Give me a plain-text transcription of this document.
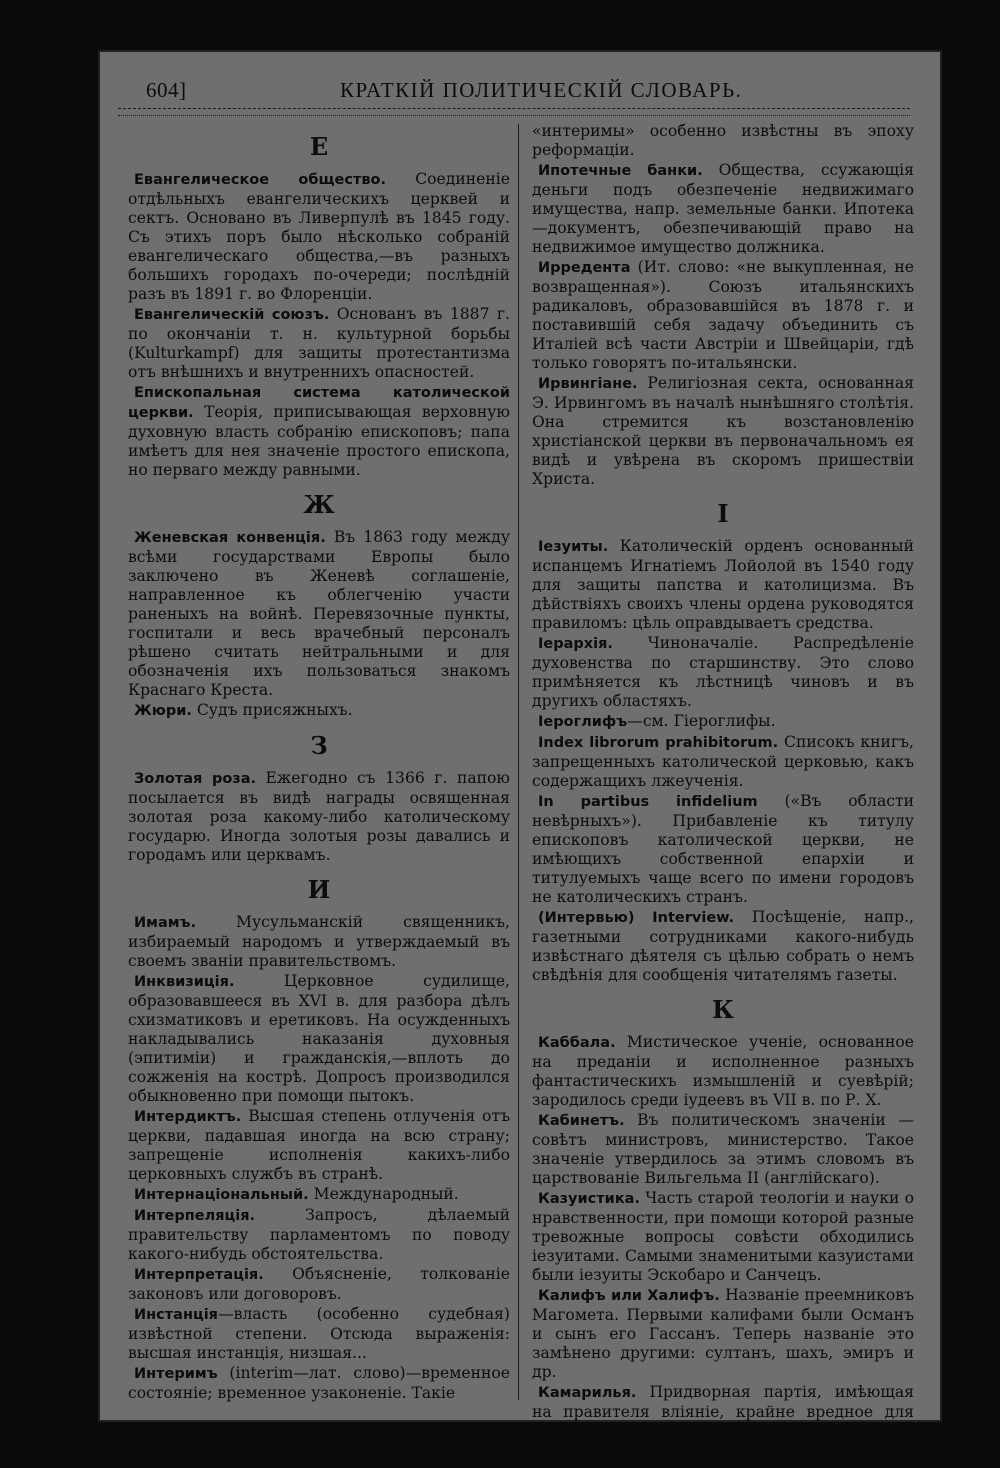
604]	КРАТКІЙ ПОЛИТИЧЕСКІЙ СЛОВАРЬ.
Е

Евангелическое общество. Соединеніе отдѣльныхъ евангелическихъ церквей и сектъ. Основано въ Ливерпулѣ въ 1845 году. Съ этихъ поръ было нѣсколько собраній евангелическаго общества,—въ разныхъ большихъ городахъ по-очереди; послѣдній разъ въ 1891 г. во Флоренціи.

Евангелическій союзъ. Основанъ въ 1887 г. по окончаніи т. н. культурной борьбы (Kulturkampf) для защиты протестантизма отъ внѣшнихъ и внутреннихъ опасностей.

Епископальная система католической церкви. Теорія, приписывающая верховную духовную власть собранію епископовъ; папа имѣетъ для нея значеніе простого епископа, но перваго между равными.

Ж

Женевская конвенція. Въ 1863 году между всѣми государствами Европы было заключено въ Женевѣ соглашеніе, направленное къ облегченію участи раненыхъ на войнѣ. Перевязочные пункты, госпитали и весь врачебный персоналъ рѣшено считать нейтральными и для обозначенія ихъ пользоваться знакомъ Краснаго Креста.

Жюри. Судъ присяжныхъ.

З

Золотая роза. Ежегодно съ 1366 г. папою посылается въ видѣ награды освященная золотая роза какому-либо католическому государю. Иногда золотыя розы давались и городамъ или церквамъ.

И

Имамъ. Мусульманскій священникъ, избираемый народомъ и утверждаемый въ своемъ званіи правительствомъ.

Инквизиція. Церковное судилище, образовавшееся въ XVI в. для разбора дѣлъ схизматиковъ и еретиковъ. На осужденныхъ накладывались наказанія духовныя (эпитиміи) и гражданскія,—вплоть до сожженія на кострѣ. Допросъ производился обыкновенно при помощи пытокъ.

Интердиктъ. Высшая степень отлученія отъ церкви, падавшая иногда на всю страну; запрещеніе исполненія какихъ-либо церковныхъ службъ въ странѣ.

Интернаціональный. Международный.

Интерпеляція. Запросъ, дѣлаемый правительству парламентомъ по поводу какого-нибудь обстоятельства.

Интерпретація. Объясненіе, толкованіе законовъ или договоровъ.

Инстанція—власть (особенно судебная) извѣстной степени. Отсюда выраженія: высшая инстанція, низшая...

Интеримъ (interim—лат. слово)—временное состояніе; временное узаконеніе. Такіе

«интеримы» особенно извѣстны въ эпоху реформаціи.

Ипотечные банки. Общества, ссужающія деньги подъ обезпеченіе недвижимаго имущества, напр. земельные банки. Ипотека—документъ, обезпечивающій право на недвижимое имущество должника.

Ирредента (Ит. слово: «не выкупленная, не возвращенная»). Союзъ итальянскихъ радикаловъ, образовавшійся въ 1878 г. и поставившій себя задачу объединить съ Италіей всѣ части Австріи и Швейцаріи, гдѣ только говорятъ по-итальянски.

Ирвингіане. Религіозная секта, основанная Э. Ирвингомъ въ началѣ нынѣшняго столѣтія. Она стремится къ возстановленію христіанской церкви въ первоначальномъ ея видѣ и увѣрена въ скоромъ пришествіи Христа.

І

Іезуиты. Католическій орденъ основанный испанцемъ Игнатіемъ Лойолой въ 1540 году для защиты папства и католицизма. Въ дѣйствіяхъ своихъ члены ордена руководятся правиломъ: цѣль оправдываетъ средства.

Іерархія. Чиноначаліе. Распредѣленіе духовенства по старшинству. Это слово примѣняется къ лѣстницѣ чиновъ и въ другихъ областяхъ.

Іероглифъ—см. Гіероглифы.

Index librorum prahibitorum. Списокъ книгъ, запрещенныхъ католической церковью, какъ содержащихъ лжеученія.

In partibus infidelium («Въ области невѣрныхъ»). Прибавленіе къ титулу епископовъ католической церкви, не имѣющихъ собственной епархіи и титулуемыхъ чаще всего по имени городовъ не католическихъ странъ.

(Интервью) Interview. Посѣщеніе, напр., газетными сотрудниками какого-нибудь извѣстнаго дѣятеля съ цѣлью собрать о немъ свѣдѣнія для сообщенія читателямъ газеты.

К

Каббала. Мистическое ученіе, основанное на преданіи и исполненное разныхъ фантастическихъ измышленій и суевѣрій; зародилось среди іудеевъ въ VII в. по Р. Х.

Кабинетъ. Въ политическомъ значеніи — совѣтъ министровъ, министерство. Такое значеніе утвердилось за этимъ словомъ въ царствованіе Вильгельма II (англійскаго).

Казуистика. Часть старой теологіи и науки о нравственности, при помощи которой разные тревожные вопросы совѣсти обходились іезуитами. Самыми знаменитыми казуистами были іезуиты Эскобаро и Санчецъ.

Калифъ или Халифъ. Названіе преемниковъ Магомета. Первыми калифами были Османъ и сынъ его Гассанъ. Теперь названіе это замѣнено другими: султанъ, шахъ, эмиръ и др.

Камарилья. Придворная партія, имѣющая на правителя вліяніе, крайне вредное для государства, и преслѣдующая личныя выгоды.
